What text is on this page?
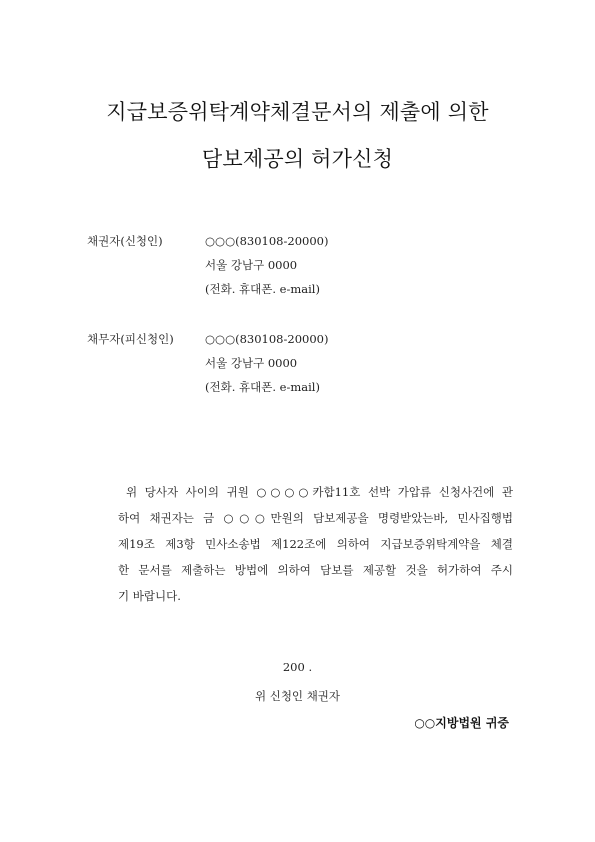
지급보증위탁계약체결문서의 제출에 의한
담보제공의 허가신청
채권자(신청인)	○○○(830108-20000)
서울 강남구 0000
(전화. 휴대폰. e-mail)
채무자(피신청인)	○○○(830108-20000)
서울 강남구 0000
(전화. 휴대폰. e-mail)
위 당사자 사이의 귀원 ○○○○카합11호 선박 가압류 신청사건에 관
하여 채권자는 금 ○○○만원의 담보제공을 명령받았는바, 민사집행법
제19조 제3항 민사소송법 제122조에 의하여 지급보증위탁계약을 체결
한 문서를 제출하는 방법에 의하여 담보를 제공할 것을 허가하여 주시
기 바랍니다.
200 .
위 신청인 채권자
○○지방법원 귀중
